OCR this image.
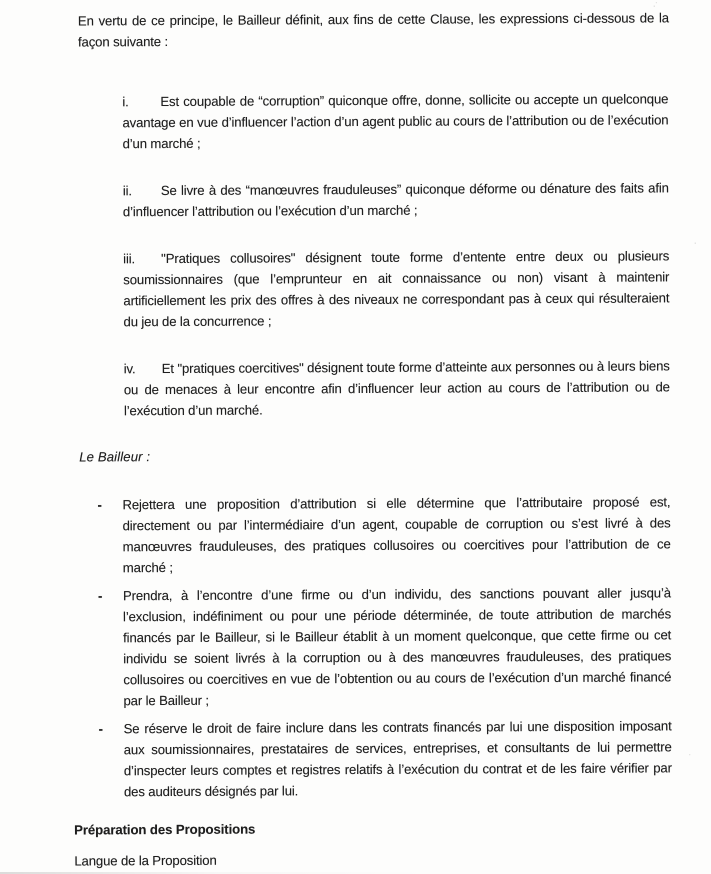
En vertu de ce principe, le Bailleur définit, aux fins de cette Clause, les expressions ci-dessous de la façon suivante :

i. Est coupable de “corruption” quiconque offre, donne, sollicite ou accepte un quelconque avantage en vue d’influencer l’action d’un agent public au cours de l’attribution ou de l’exécution d’un marché ;

ii. Se livre à des “manœuvres frauduleuses” quiconque déforme ou dénature des faits afin d’influencer l’attribution ou l’exécution d’un marché ;

iii. "Pratiques collusoires" désignent toute forme d’entente entre deux ou plusieurs soumissionnaires (que l’emprunteur en ait connaissance ou non) visant à maintenir artificiellement les prix des offres à des niveaux ne correspondant pas à ceux qui résulteraient du jeu de la concurrence ;

iv. Et "pratiques coercitives" désignent toute forme d’atteinte aux personnes ou à leurs biens ou de menaces à leur encontre afin d’influencer leur action au cours de l’attribution ou de l’exécution d’un marché.

Le Bailleur :

- Rejettera une proposition d’attribution si elle détermine que l’attributaire proposé est, directement ou par l’intermédiaire d’un agent, coupable de corruption ou s’est livré à des manœuvres frauduleuses, des pratiques collusoires ou coercitives pour l’attribution de ce marché ;

- Prendra, à l’encontre d’une firme ou d’un individu, des sanctions pouvant aller jusqu’à l’exclusion, indéfiniment ou pour une période déterminée, de toute attribution de marchés financés par le Bailleur, si le Bailleur établit à un moment quelconque, que cette firme ou cet individu se soient livrés à la corruption ou à des manœuvres frauduleuses, des pratiques collusoires ou coercitives en vue de l’obtention ou au cours de l’exécution d’un marché financé par le Bailleur ;

- Se réserve le droit de faire inclure dans les contrats financés par lui une disposition imposant aux soumissionnaires, prestataires de services, entreprises, et consultants de lui permettre d’inspecter leurs comptes et registres relatifs à l’exécution du contrat et de les faire vérifier par des auditeurs désignés par lui.

Préparation des Propositions

Langue de la Proposition

·˙
·
˙
